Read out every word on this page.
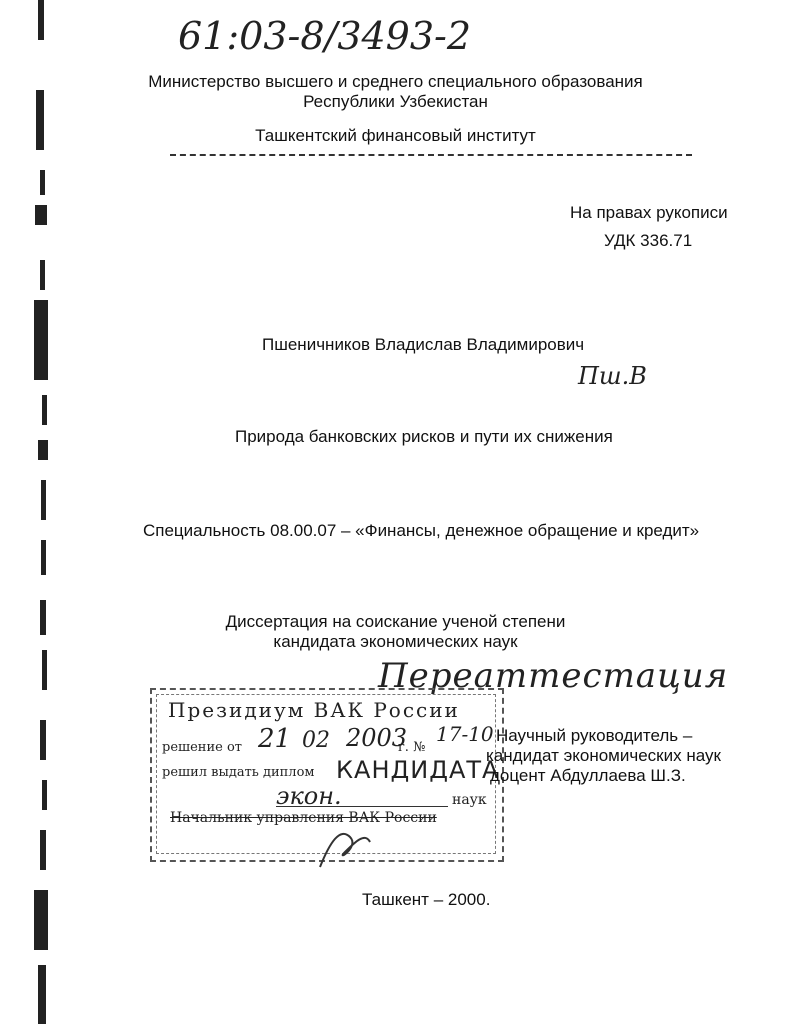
61:03-8/3493-2
Министерство высшего и среднего специального образования
Республики Узбекистан
Ташкентский финансовый институт
На правах рукописи
УДК 336.71
Пшеничников Владислав Владимирович
Пш.В
Природа банковских рисков и пути их снижения
Специальность 08.00.07 – «Финансы, денежное обращение и кредит»
Диссертация на соискание ученой степени
кандидата экономических наук
Переаттестация
Президиум ВАК России
решение от 21 02 2003
г. №
17-10
решил выдать диплом КАНДИДАТА
экон.	наук
Начальник управления ВАК России
Научный руководитель –
кандидат экономических наук
доцент Абдуллаева Ш.З.
Ташкент – 2000.
